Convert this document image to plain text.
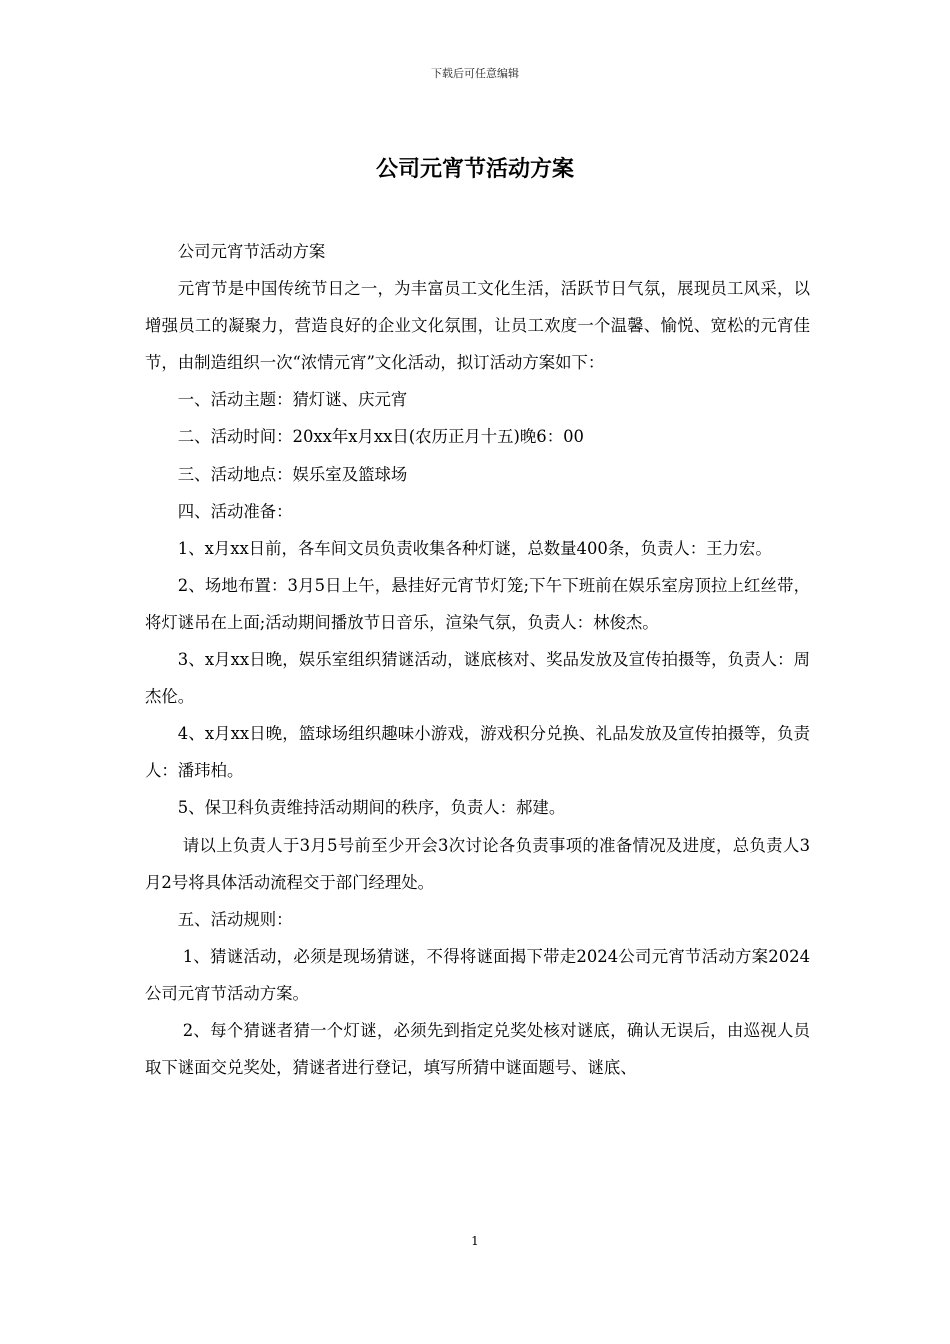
下载后可任意编辑
公司元宵节活动方案

公司元宵节活动方案

元宵节是中国传统节日之一，为丰富员工文化生活，活跃节日气氛，展现员工风采，以增强员工的凝聚力，营造良好的企业文化氛围，让员工欢度一个温馨、愉悦、宽松的元宵佳节，由制造组织一次“浓情元宵”文化活动，拟订活动方案如下：

一、活动主题：猜灯谜、庆元宵

二、活动时间：20xx年x月xx日(农历正月十五)晚6：00

三、活动地点：娱乐室及篮球场

四、活动准备：

1、x月xx日前，各车间文员负责收集各种灯谜，总数量400条，负责人：王力宏。

2、场地布置：3月5日上午，悬挂好元宵节灯笼;下午下班前在娱乐室房顶拉上红丝带，将灯谜吊在上面;活动期间播放节日音乐，渲染气氛，负责人：林俊杰。

3、x月xx日晚，娱乐室组织猜谜活动，谜底核对、奖品发放及宣传拍摄等，负责人：周杰伦。

4、x月xx日晚，篮球场组织趣味小游戏，游戏积分兑换、礼品发放及宣传拍摄等，负责人：潘玮柏。

5、保卫科负责维持活动期间的秩序，负责人：郝建。

请以上负责人于3月5号前至少开会3次讨论各负责事项的准备情况及进度，总负责人3月2号将具体活动流程交于部门经理处。

五、活动规则：

1、猜谜活动，必须是现场猜谜，不得将谜面揭下带走2024公司元宵节活动方案2024公司元宵节活动方案。

2、每个猜谜者猜一个灯谜，必须先到指定兑奖处核对谜底，确认无误后，由巡视人员取下谜面交兑奖处，猜谜者进行登记，填写所猜中谜面题号、谜底、

1
